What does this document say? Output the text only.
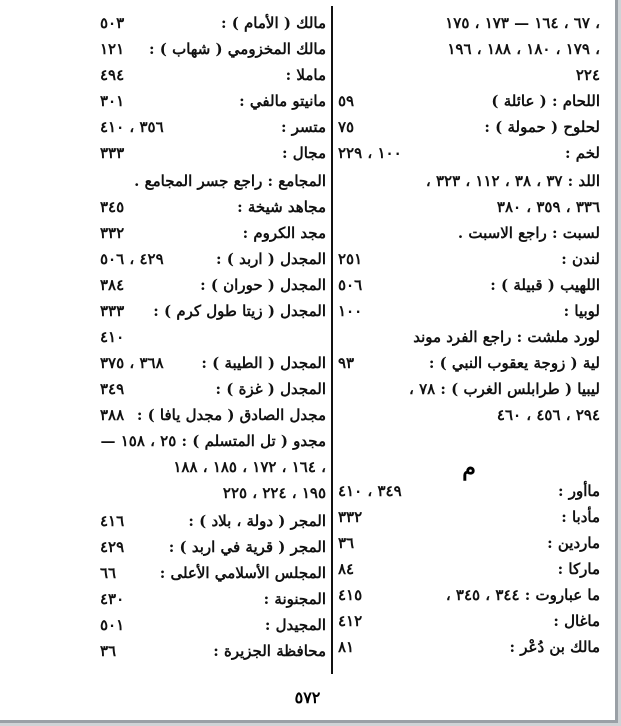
مالك ( الأمام ) :
٥٠٣
مالك المخزومي ( شهاب ) :
١٢١
ماملا :
٤٩٤
مانيتو مالفي :
٣٠١
متسر :
٣٥٦ ، ٤١٠
مجال :
٣٣٣
المجامع : راجع جسر المجامع .
مجاهد شيخة :
٣٤٥
مجد الكروم :
٣٣٢
المجدل ( اربد ) :
٤٢٩ ، ٥٠٦
المجدل ( حوران ) :
٣٨٤
المجدل ( زيتا طول كرم ) :
٣٣٣
٤١٠
المجدل ( الطيبة ) :
٣٦٨ ، ٣٧٥
المجدل ( غزة ) :
٣٤٩
مجدل الصادق ( مجدل يافا ) :
٣٨٨
مجدو ( تل المتسلم ) : ٢٥ ، ١٥٨ —
١٦٤ ، ١٧٢ ، ١٨٥ ، ١٨٨ ،
١٩٥ ، ٢٢٤ ، ٢٢٥
المجر ( دولة ، بلاد ) :
٤١٦
المجر ( قرية في اربد ) :
٤٢٩
المجلس الأسلامي الأعلى :
٦٦
المجنونة :
٤٣٠
المجيدل :
٥٠١
محافظة الجزيرة :
٣٦
٦٧ ، ١٦٤ — ١٧٣ ، ١٧٥ ،
١٧٩ ، ١٨٠ ، ١٨٨ ، ١٩٦ ،
٢٢٤
اللحام : ( عائلة )
٥٩
لحلوح ( حمولة ) :
٧٥
لخم :
١٠٠ ، ٢٢٩
اللد : ٣٧ ، ٣٨ ، ١١٢ ، ٣٢٣ ،
٣٣٦ ، ٣٥٩ ، ٣٨٠
لسبت : راجع الاسبت .
لندن :
٢٥١
اللهيب ( قبيلة ) :
٥٠٦
لوبيا :
١٠٠
لورد ملشت : راجع الفرد موند
لية ( زوجة يعقوب النبي ) :
٩٣
ليبيا ( طرابلس الغرب ) : ٧٨ ،
٢٩٤ ، ٤٥٦ ، ٤٦٠
ماأور :
٣٤٩ ، ٤١٠
مأدبا :
٣٣٢
ماردين :
٣٦
ماركا :
٨٤
ما عباروت : ٣٤٤ ، ٣٤٥ ،
٤١٥
ماغال :
٤١٢
مالك بن دُعْر :
٨١
م
٥٧٢
